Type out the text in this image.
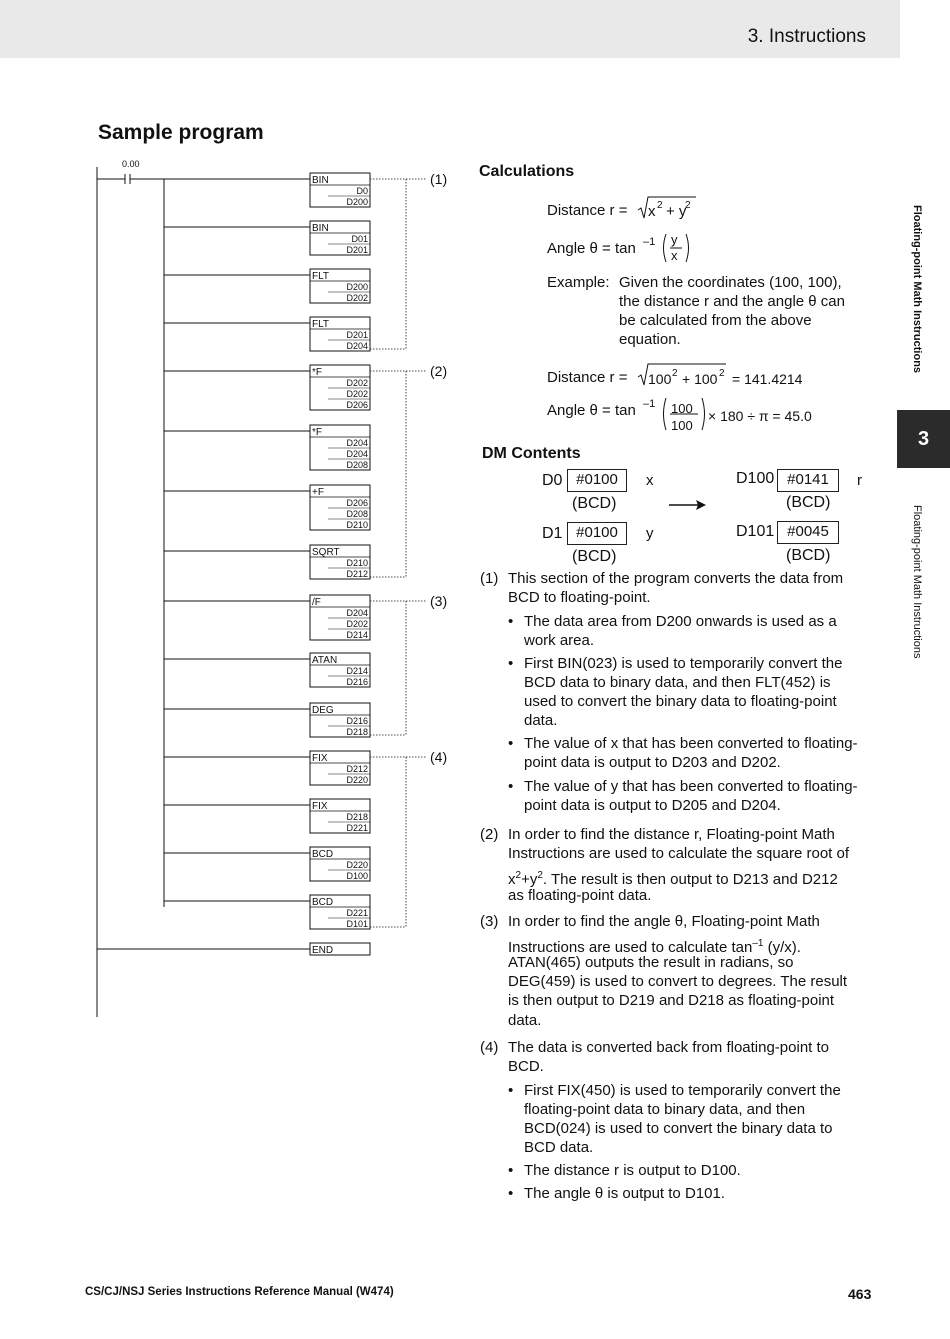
3. Instructions
Floating-point Math Instructions
3
Floating-point Math Instructions
Sample program
0.00
BIN
D0
D200
BIN
D01
D201
FLT
D200
D202
FLT
D201
D204
*F
D202
D202
D206
*F
D204
D204
D208
+F
D206
D208
D210
SQRT
D210
D212
/F
D204
D202
D214
ATAN
D214
D216
DEG
D216
D218
FIX
D212
D220
FIX
D218
D221
BCD
D220
D100
BCD
D221
D101
END
(1)
(2)
(3)
(4)
Calculations
Distance r = x 2 + y
2
Angle θ = tan –1 y
x
Example: Given the coordinates (100, 100),
the distance r and the angle θ can
be calculated from the above
equation.
Distance r = 100 2 + 100 2 = 141.4214
Angle θ = tan –1 100
100
× 180 ÷ π = 45.0
DM Contents
D0 #0100	x
(BCD)
D1 #0100	y
(BCD)
D100 #0141	r
(BCD)
D101 #0045
(BCD)
(1) This section of the program converts the data from
BCD to floating-point.
• The data area from D200 onwards is used as a
work area.
• First BIN(023) is used to temporarily convert the
BCD data to binary data, and then FLT(452) is
used to convert the binary data to floating-point
data.
• The value of x that has been converted to floating-
point data is output to D203 and D202.
• The value of y that has been converted to floating-
point data is output to D205 and D204.
(2) In order to find the distance r, Floating-point Math
Instructions are used to calculate the square root of
$x^2+y^2$. The result is then output to D213 and D212
as floating-point data.
(3) In order to find the angle θ, Floating-point Math
Instructions are used to calculate $\tan^{-1} (y/x)$.
ATAN(465) outputs the result in radians, so
DEG(459) is used to convert to degrees. The result
is then output to D219 and D218 as floating-point
data.
(4) The data is converted back from floating-point to
BCD.
• First FIX(450) is used to temporarily convert the
floating-point data to binary data, and then
BCD(024) is used to convert the binary data to
BCD data.
• The distance r is output to D100.
• The angle θ is output to D101.
CS/CJ/NSJ Series Instructions Reference Manual (W474)	463
